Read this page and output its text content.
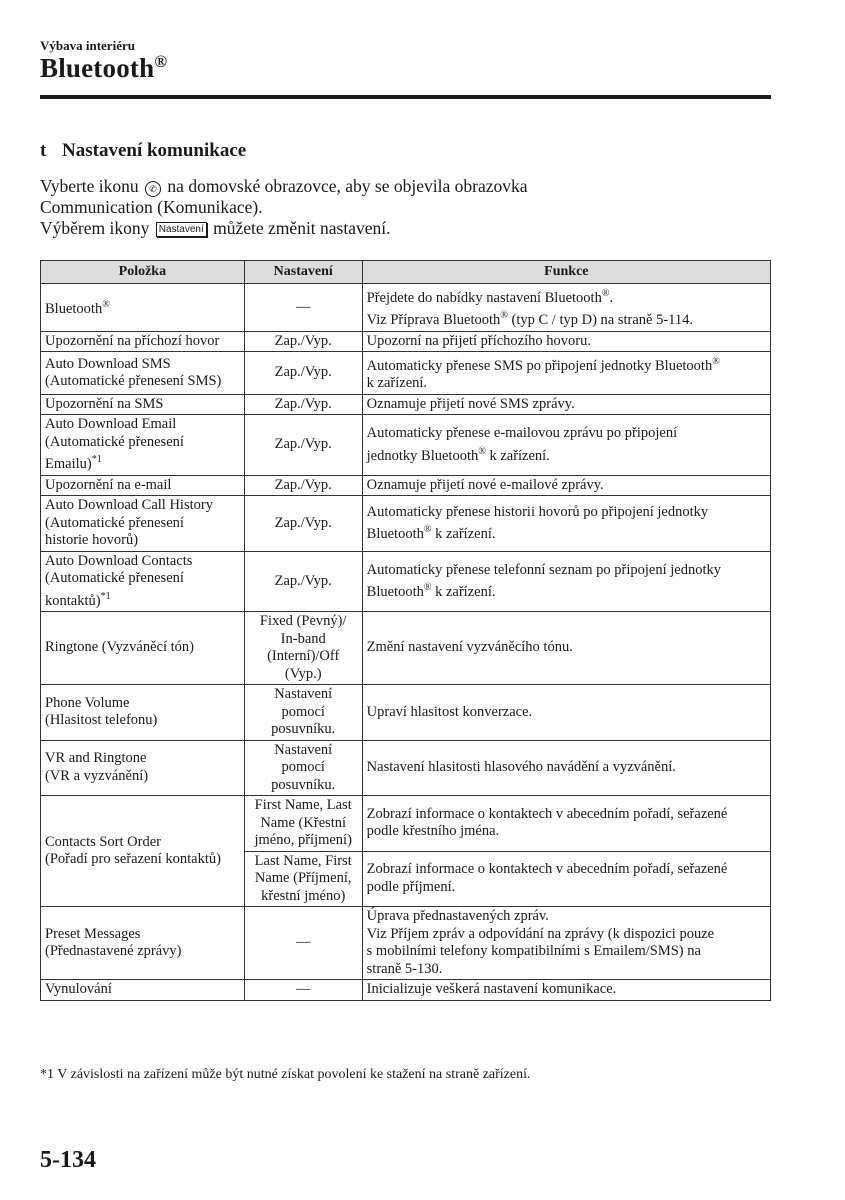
Výbava interiéru
Bluetooth®
t Nastavení komunikace

Vyberte ikonu ✆ na domovské obrazovce, aby se objevila obrazovka

Communication (Komunikace).

Výběrem ikony Nastavení můžete změnit nastavení.

Položka	Nastavení	Funkce

Bluetooth®	—	Přejdete do nabídky nastavení Bluetooth®.
Viz Příprava Bluetooth® (typ C / typ D) na straně 5-114.

Upozornění na příchozí hovor	Zap./Vyp.	Upozorní na přijetí příchozího hovoru.

Auto Download SMS
(Automatické přenesení SMS)	Zap./Vyp.	Automaticky přenese SMS po připojení jednotky Bluetooth®
k zařízení.

Upozornění na SMS	Zap./Vyp.	Oznamuje přijetí nové SMS zprávy.

Auto Download Email
(Automatické přenesení
Emailu)$^{*1}$	Zap./Vyp.	Automaticky přenese e-mailovou zprávu po připojení
jednotky Bluetooth® k zařízení.

Upozornění na e-mail	Zap./Vyp.	Oznamuje přijetí nové e-mailové zprávy.

Auto Download Call History
(Automatické přenesení
historie hovorů)	Zap./Vyp.	Automaticky přenese historii hovorů po připojení jednotky
Bluetooth® k zařízení.

Auto Download Contacts
(Automatické přenesení
kontaktů)$^{*1}$	Zap./Vyp.	Automaticky přenese telefonní seznam po připojení jednotky
Bluetooth® k zařízení.

Ringtone (Vyzváněcí tón)	Fixed (Pevný)/
In-band
(Interní)/Off
(Vyp.)	Změní nastavení vyzváněcího tónu.

Phone Volume
(Hlasitost telefonu)	Nastavení
pomocí
posuvníku.	Upraví hlasitost konverzace.

VR and Ringtone
(VR a vyzvánění)	Nastavení
pomocí
posuvníku.	Nastavení hlasitosti hlasového navádění a vyzvánění.

Contacts Sort Order
(Pořadí pro seřazení kontaktů)	First Name, Last
Name (Křestní
jméno, příjmení)	Zobrazí informace o kontaktech v abecedním pořadí, seřazené
podle křestního jména.

	Last Name, First
Name (Příjmení,
křestní jméno)	Zobrazí informace o kontaktech v abecedním pořadí, seřazené
podle příjmení.

Preset Messages
(Přednastavené zprávy)	—	Úprava přednastavených zpráv.
Viz Příjem zpráv a odpovídání na zprávy (k dispozici pouze
s mobilními telefony kompatibilními s Emailem/SMS) na
straně 5-130.

Vynulování	—	Inicializuje veškerá nastavení komunikace.
*1 V závislosti na zařízení může být nutné získat povolení ke stažení na straně zařízení.
5-134
